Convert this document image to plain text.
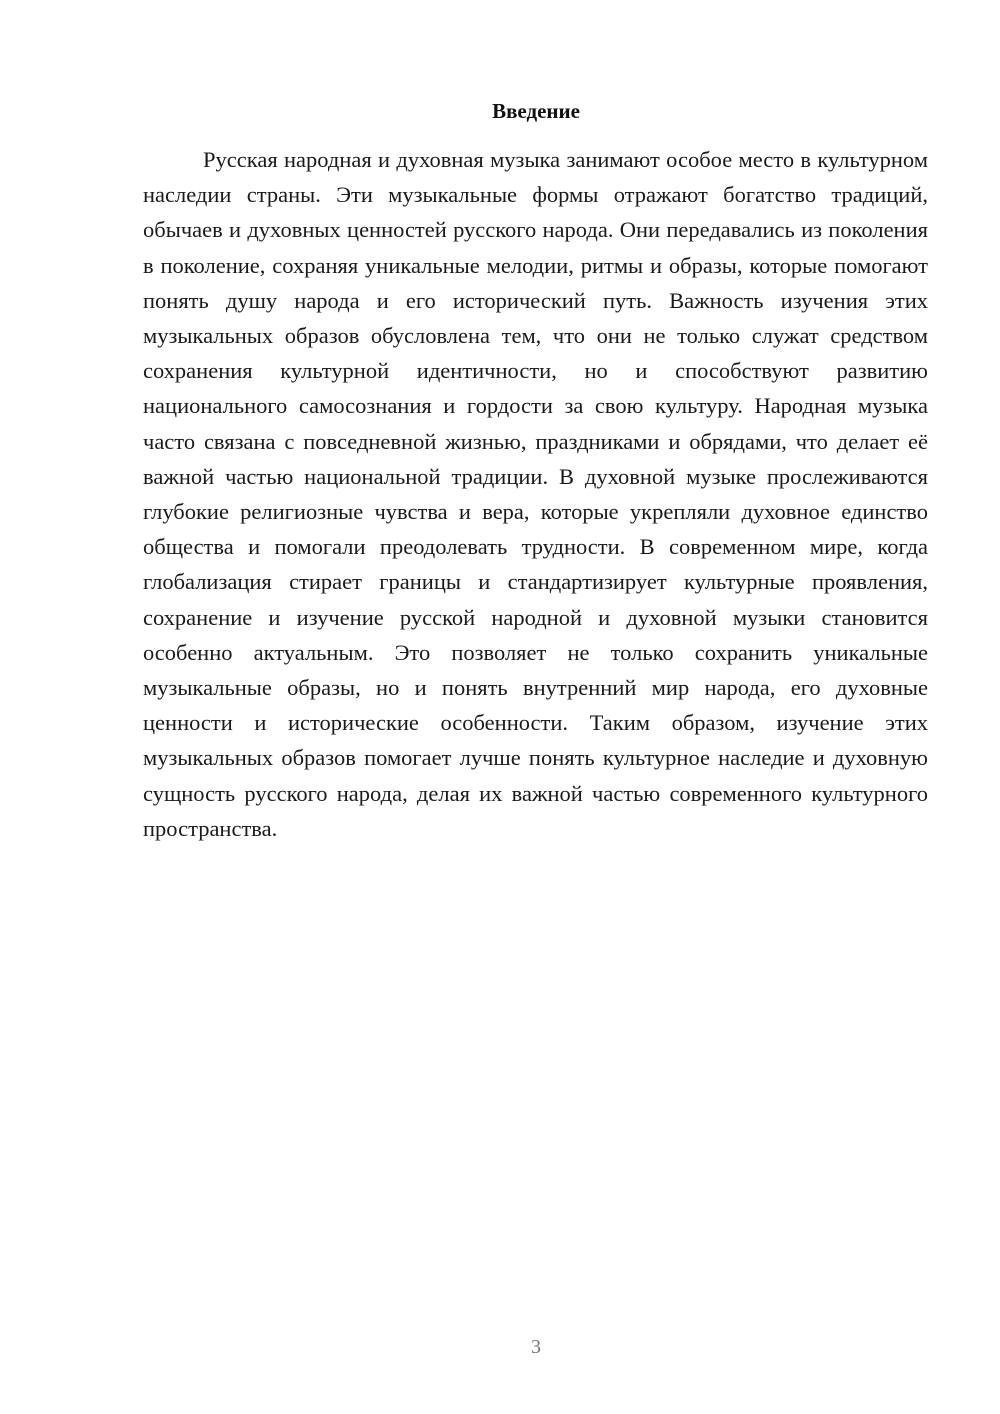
Введение

Русская народная и духовная музыка занимают особое место в культурном наследии страны. Эти музыкальные формы отражают богатство традиций, обычаев и духовных ценностей русского народа. Они передавались из поколения в поколение, сохраняя уникальные мелодии, ритмы и образы, которые помогают понять душу народа и его исторический путь. Важность изучения этих музыкальных образов обусловлена тем, что они не только служат средством сохранения культурной идентичности, но и способствуют развитию национального самосознания и гордости за свою культуру. Народная музыка часто связана с повседневной жизнью, праздниками и обрядами, что делает её важной частью национальной традиции. В духовной музыке прослеживаются глубокие религиозные чувства и вера, которые укрепляли духовное единство общества и помогали преодолевать трудности. В современном мире, когда глобализация стирает границы и стандартизирует культурные проявления, сохранение и изучение русской народной и духовной музыки становится особенно актуальным. Это позволяет не только сохранить уникальные музыкальные образы, но и понять внутренний мир народа, его духовные ценности и исторические особенности. Таким образом, изучение этих музыкальных образов помогает лучше понять культурное наследие и духовную сущность русского народа, делая их важной частью современного культурного пространства.

3
